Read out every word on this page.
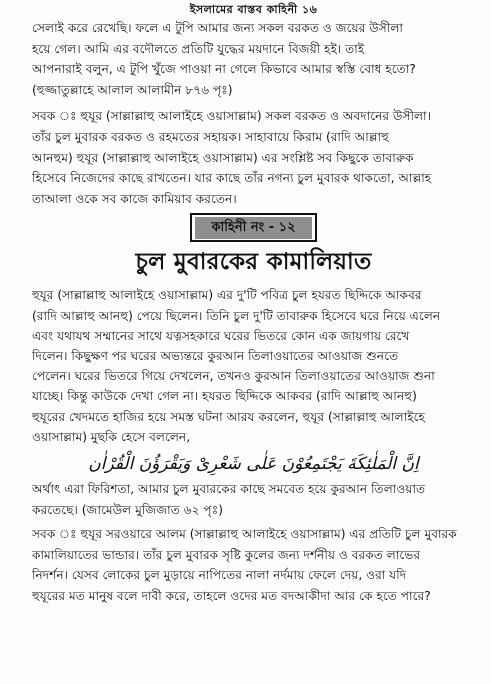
ইসলামের বাস্তব কাহিনী ১৬

সেলাই করে রেখেছি। ফলে এ টুপি আমার জন্য সকল বরকত ও জয়ের উসীলা
হয়ে গেল। আমি এর বদৌলতে প্রতিটি যুদ্ধের ময়দানে বিজয়ী হই। তাই
আপনারাই বলুন, এ টুপি খুঁজে পাওয়া না গেলে কিভাবে আমার স্বস্তি বোধ হতো?
(হুজ্জাতুল্লাহে আলাল আলামীন ৮৭৬ পৃঃ)

সবক ঃ হুযূর (সাল্লাল্লাহু আলাইহে ওয়াসাল্লাম) সকল বরকত ও অবদানের উসীলা।
তাঁর চুল মুবারক বরকত ও রহমতের সহায়ক। সাহাবায়ে কিরাম (রাদি আল্লাহু
আনহুম) হুযূর (সাল্লাল্লাহু আলাইহে ওয়াসাল্লাম) এর সংশ্লিষ্ট সব কিছুকে তাবারুক
হিসেবে নিজেদের কাছে রাখতেন। যার কাছে তাঁর নগন্য চুল মুবারক থাকতো, আল্লাহ
তাআলা ওকে সব কাজে কামিয়াব করতেন।

কাহিনী নং - ১২
চুল মুবারকের কামালিয়াত

হুযূর (সাল্লাল্লাহু আলাইহে ওয়াসাল্লাম) এর দু'টি পবিত্র চুল হযরত ছিদ্দিকে আকবর
(রাদি আল্লাহু আনহু) পেয়ে ছিলেন। তিনি চুল দু'টি তাবারুক হিসেবে ঘরে নিয়ে এলেন
এবং যথাযথ সম্মানের সাথে যত্নসহকারে ঘরের ভিতরে কোন এক জায়গায় রেখে
দিলেন। কিছুক্ষণ পর ঘরের অভ্যন্তরে কুরআন তিলাওয়াতের আওয়াজ শুনতে
পেলেন। ঘরের ভিতরে গিয়ে দেখলেন, তখনও কুরআন তিলাওয়াতের আওয়াজ শুনা
যাচ্ছে। কিন্তু কাউকে দেখা গেল না। হযরত ছিদ্দিকে আকবর (রাদি আল্লাহু আনহু)
হুযূরের খেদমতে হাজির হয়ে সমস্ত ঘটনা আরয করলেন, হুযূর (সাল্লাল্লাহু আলাইহে
ওয়াসাল্লাম) মুছকি হেসে বললেন,

اِنَّ الْمَلٰئِكَةَ يَجْتَمِعُوْنَ عَلٰى شَعْرِىْ وَيَقْرَؤُنَ الْقُرْاٰن

অর্থাৎ এরা ফিরিশতা, আমার চুল মুবারকের কাছে সমবেত হয়ে কুরআন তিলাওয়াত
করতেছে। (জামেউল মুজিজাত ৬২ পৃঃ)

সবক ঃ হুযূর সরওয়ারে আলম (সাল্লাল্লাহু আলাইহে ওয়াসাল্লাম) এর প্রতিটি চুল মুবারক
কামালিয়াতের ভান্ডার। তাঁর চুল মুবারক সৃষ্টি কুলের জন্য দর্শনীয় ও বরকত লাভের
নিদর্শন। যেসব লোকের চুল মুড়ায়ে নাপিতের নালা নর্দমায় ফেলে দেয়, ওরা যদি
হুযূরের মত মানুষ বলে দাবী করে, তাহলে ওদের মত বদআকীদা আর কে হতে পারে?
